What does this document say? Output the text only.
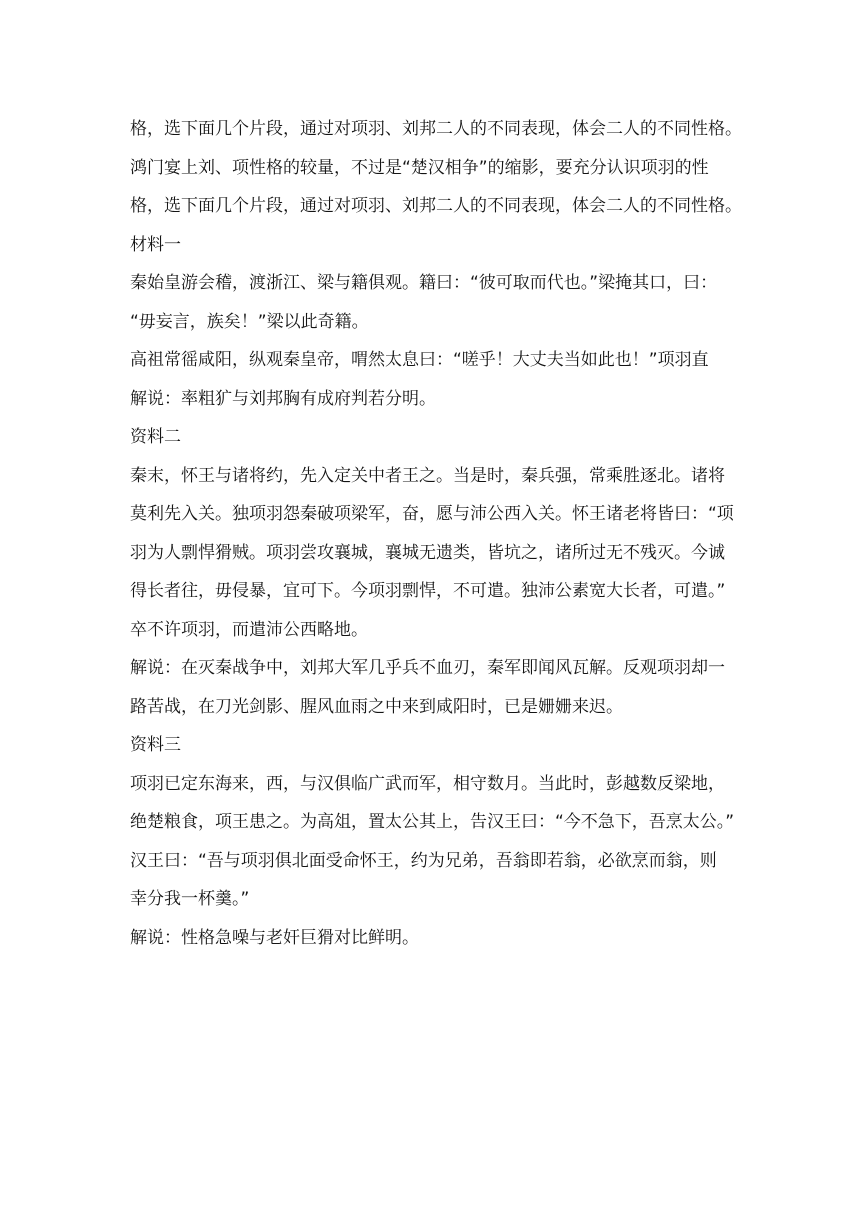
格，选下面几个片段，通过对项羽、刘邦二人的不同表现，体会二人的不同性格。
鸿门宴上刘、项性格的较量，不过是“楚汉相争”的缩影，要充分认识项羽的性
格，选下面几个片段，通过对项羽、刘邦二人的不同表现，体会二人的不同性格。
材料一
秦始皇游会稽，渡浙江、梁与籍俱观。籍曰：“彼可取而代也。”梁掩其口，曰：
“毋妄言，族矣！”梁以此奇籍。
高祖常徭咸阳，纵观秦皇帝，喟然太息曰：“嗟乎！大丈夫当如此也！”项羽直
解说：率粗犷与刘邦胸有成府判若分明。
资料二
秦末，怀王与诸将约，先入定关中者王之。当是时，秦兵强，常乘胜逐北。诸将
莫利先入关。独项羽怨秦破项梁军，奋，愿与沛公西入关。怀王诸老将皆曰：“项
羽为人剽悍猾贼。项羽尝攻襄城，襄城无遗类，皆坑之，诸所过无不残灭。今诚
得长者往，毋侵暴，宜可下。今项羽剽悍，不可遣。独沛公素宽大长者，可遣。”
卒不许项羽，而遣沛公西略地。
解说：在灭秦战争中，刘邦大军几乎兵不血刃，秦军即闻风瓦解。反观项羽却一
路苦战，在刀光剑影、腥风血雨之中来到咸阳时，已是姗姗来迟。
资料三
项羽已定东海来，西，与汉俱临广武而军，相守数月。当此时，彭越数反梁地，
绝楚粮食，项王患之。为高俎，置太公其上，告汉王曰：“今不急下，吾烹太公。”
汉王曰：“吾与项羽俱北面受命怀王，约为兄弟，吾翁即若翁，必欲烹而翁，则
幸分我一杯羹。”
解说：性格急噪与老奸巨猾对比鲜明。
